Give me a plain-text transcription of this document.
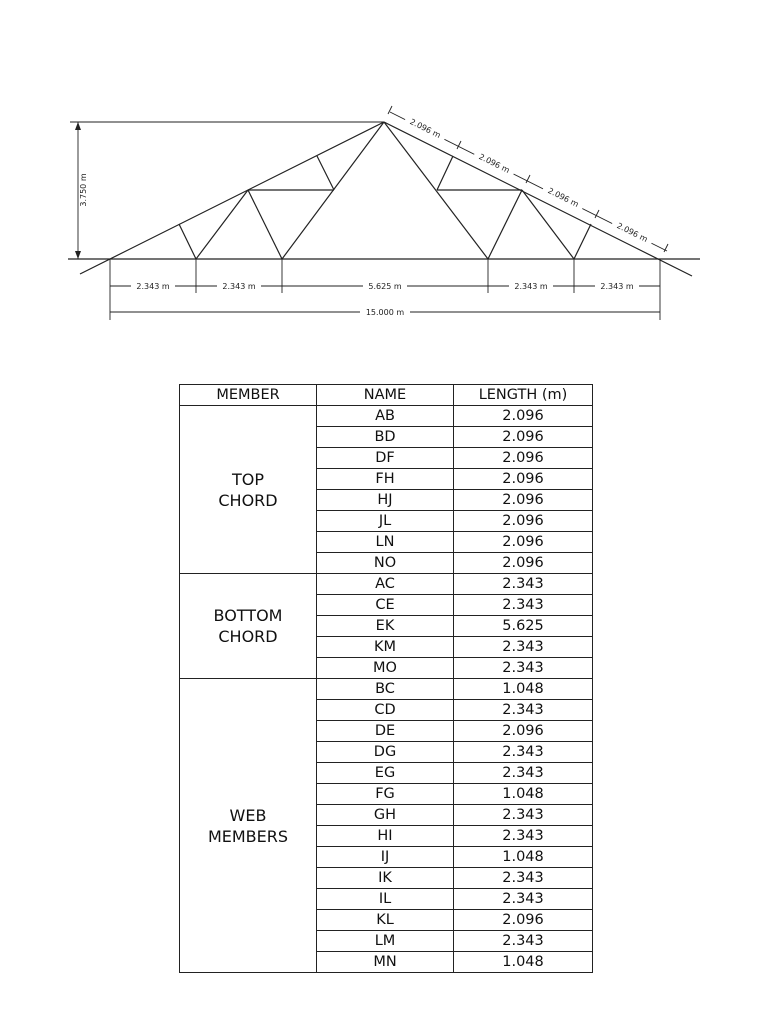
3.750 m
2.096 m
2.096 m
2.096 m
2.096 m
2.343 m	2.343 m	5.625 m	2.343 m	2.343 m
15.000 m
MEMBER	NAME	LENGTH (m)
TOP
CHORD	AB	2.096
	BD	2.096
	DF	2.096
	FH	2.096
	HJ	2.096
	JL	2.096
	LN	2.096
	NO	2.096
BOTTOM
CHORD	AC	2.343
	CE	2.343
	EK	5.625
	KM	2.343
	MO	2.343
WEB
MEMBERS	BC	1.048
	CD	2.343
	DE	2.096
	DG	2.343
	EG	2.343
	FG	1.048
	GH	2.343
	HI	2.343
	IJ	1.048
	IK	2.343
	IL	2.343
	KL	2.096
	LM	2.343
	MN	1.048
